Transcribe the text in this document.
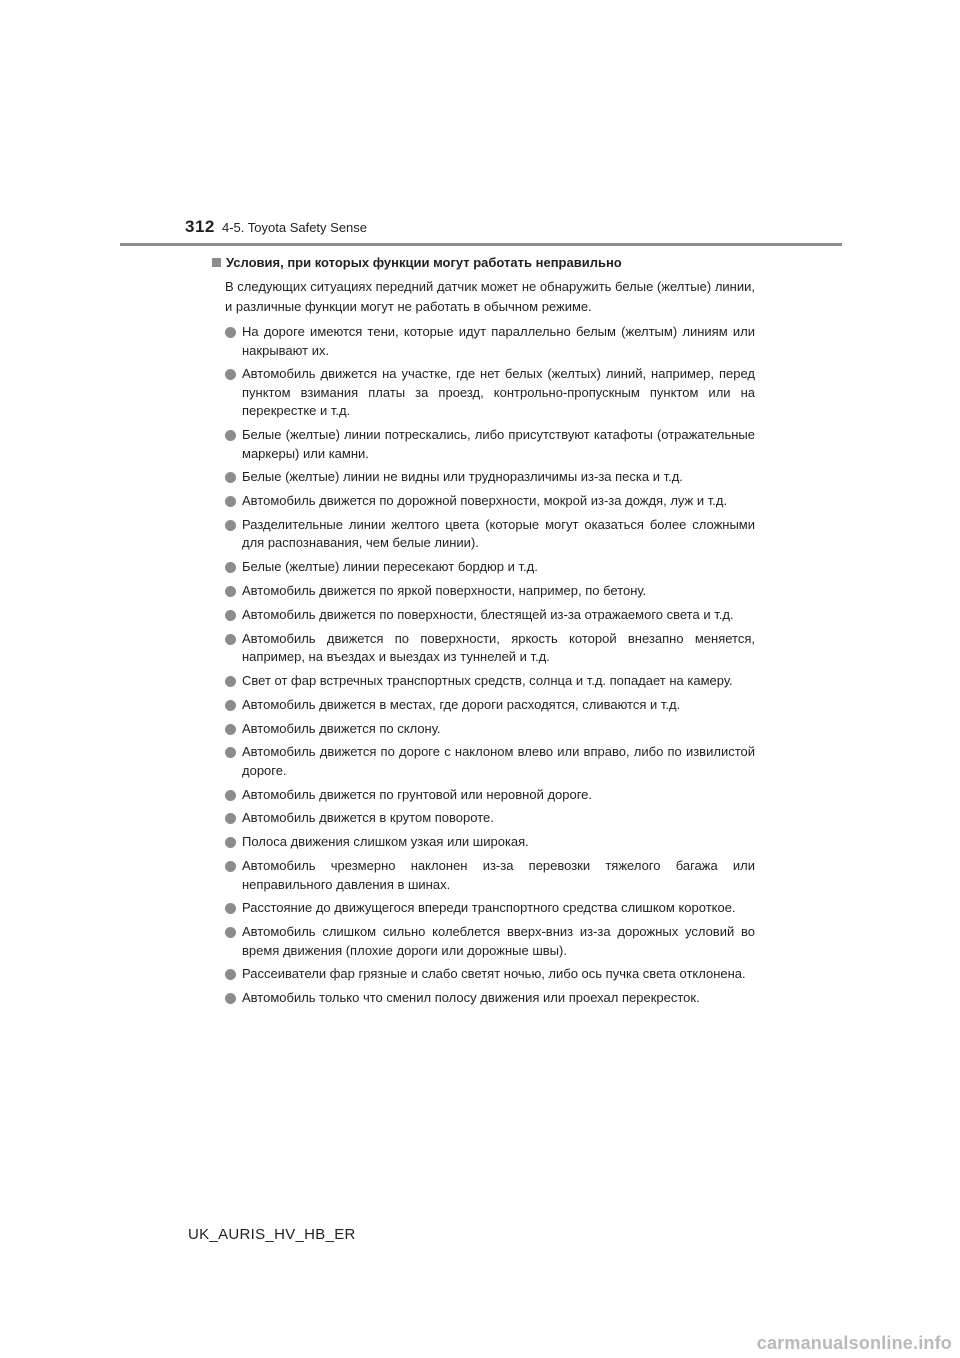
312 4-5. Toyota Safety Sense
Условия, при которых функции могут работать неправильно

В следующих ситуациях передний датчик может не обнаружить белые (желтые) линии, и различные функции могут не работать в обычном режиме.

На дороге имеются тени, которые идут параллельно белым (желтым) линиям или накрывают их.
Автомобиль движется на участке, где нет белых (желтых) линий, например, перед пунктом взимания платы за проезд, контрольно-пропускным пунктом или на перекрестке и т.д.
Белые (желтые) линии потрескались, либо присутствуют катафоты (отражательные маркеры) или камни.
Белые (желтые) линии не видны или трудноразличимы из-за песка и т.д.
Автомобиль движется по дорожной поверхности, мокрой из-за дождя, луж и т.д.
Разделительные линии желтого цвета (которые могут оказаться более сложными для распознавания, чем белые линии).
Белые (желтые) линии пересекают бордюр и т.д.
Автомобиль движется по яркой поверхности, например, по бетону.
Автомобиль движется по поверхности, блестящей из-за отражаемого света и т.д.
Автомобиль движется по поверхности, яркость которой внезапно меняется, например, на въездах и выездах из туннелей и т.д.
Свет от фар встречных транспортных средств, солнца и т.д. попадает на камеру.
Автомобиль движется в местах, где дороги расходятся, сливаются и т.д.
Автомобиль движется по склону.
Автомобиль движется по дороге с наклоном влево или вправо, либо по извилистой дороге.
Автомобиль движется по грунтовой или неровной дороге.
Автомобиль движется в крутом повороте.
Полоса движения слишком узкая или широкая.
Автомобиль чрезмерно наклонен из-за перевозки тяжелого багажа или неправильного давления в шинах.
Расстояние до движущегося впереди транспортного средства слишком короткое.
Автомобиль слишком сильно колеблется вверх-вниз из-за дорожных условий во время движения (плохие дороги или дорожные швы).
Рассеиватели фар грязные и слабо светят ночью, либо ось пучка света отклонена.
Автомобиль только что сменил полосу движения или проехал перекресток.
UK_AURIS_HV_HB_ER
carmanualsonline.info
